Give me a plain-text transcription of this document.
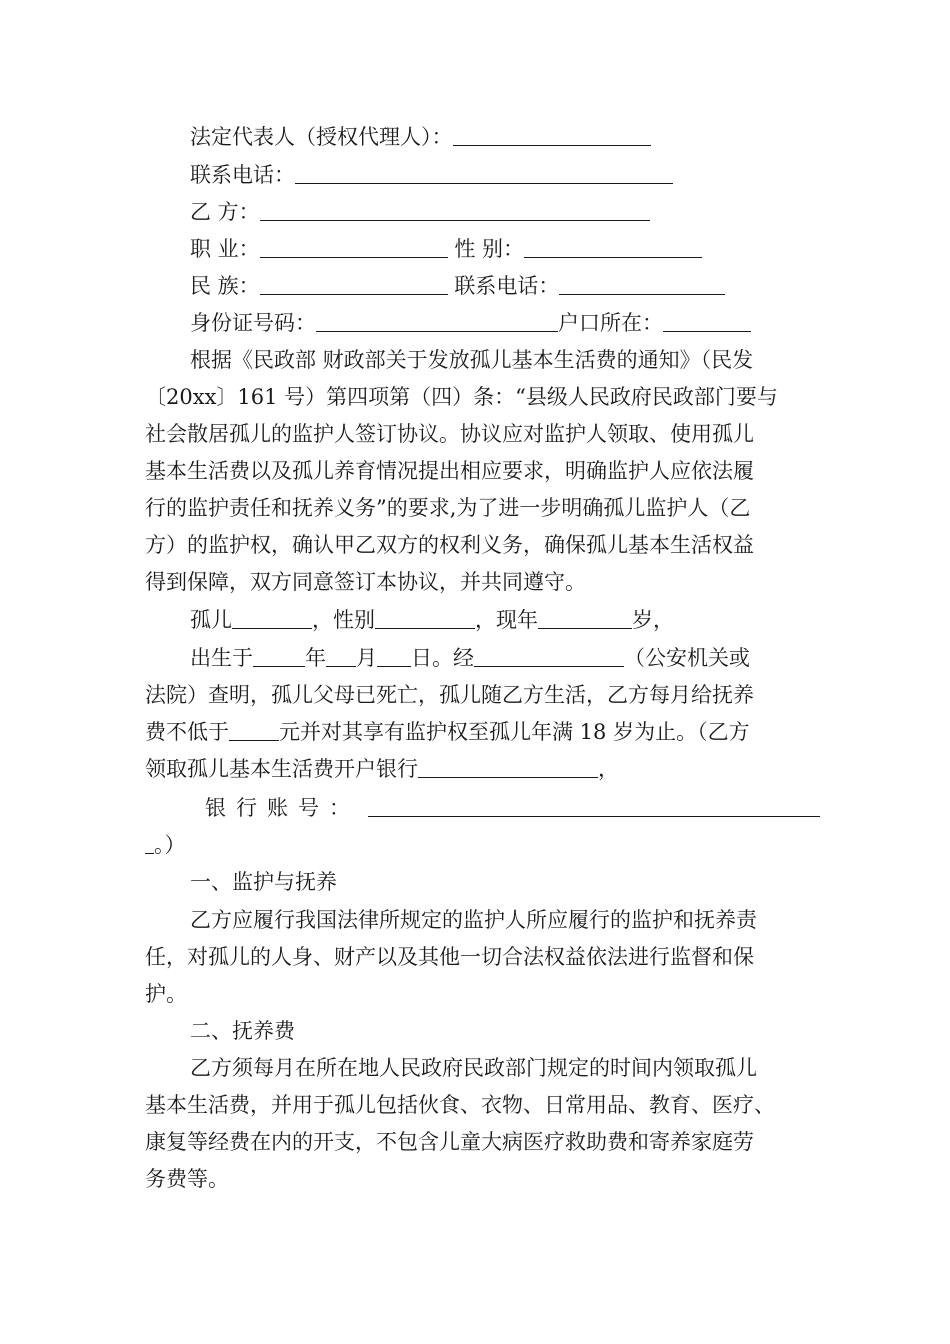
法定代表人（授权代理人）：
联系电话：
乙 方：
职 业：	性 别：
民 族：	联系电话：
身份证号码：	户口所在：
根据《民政部 财政部关于发放孤儿基本生活费的通知》（民发
〔20xx〕161 号）第四项第（四）条：“县级人民政府民政部门要与
社会散居孤儿的监护人签订协议。协议应对监护人领取、使用孤儿
基本生活费以及孤儿养育情况提出相应要求，明确监护人应依法履
行的监护责任和抚养义务”的要求,为了进一步明确孤儿监护人（乙
方）的监护权，确认甲乙双方的权利义务，确保孤儿基本生活权益
得到保障，双方同意签订本协议，并共同遵守。
孤儿	，性别	，现年	岁，
出生于 年 月 日。经	（公安机关或
法院）查明，孤儿父母已死亡，孤儿随乙方生活，乙方每月给抚养
费不低于 元并对其享有监护权至孤儿年满 18 岁为止。（乙方
领取孤儿基本生活费开户银行	，
银行账号：
。）
一、监护与抚养
乙方应履行我国法律所规定的监护人所应履行的监护和抚养责
任，对孤儿的人身、财产以及其他一切合法权益依法进行监督和保
护。
二、抚养费
乙方须每月在所在地人民政府民政部门规定的时间内领取孤儿
基本生活费，并用于孤儿包括伙食、衣物、日常用品、教育、医疗、
康复等经费在内的开支，不包含儿童大病医疗救助费和寄养家庭劳
务费等。
